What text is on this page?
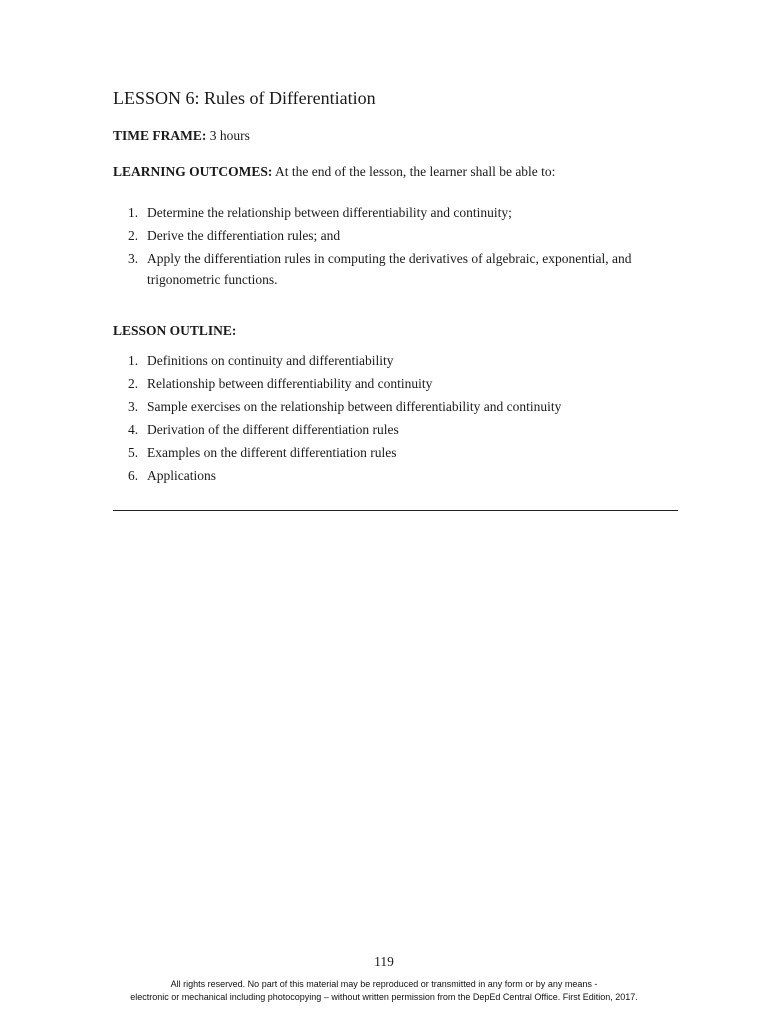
LESSON 6: Rules of Differentiation
TIME FRAME: 3 hours
LEARNING OUTCOMES: At the end of the lesson, the learner shall be able to:
1. Determine the relationship between differentiability and continuity;
2. Derive the differentiation rules; and
3. Apply the differentiation rules in computing the derivatives of algebraic, exponential, and trigonometric functions.
LESSON OUTLINE:
1. Definitions on continuity and differentiability
2. Relationship between differentiability and continuity
3. Sample exercises on the relationship between differentiability and continuity
4. Derivation of the different differentiation rules
5. Examples on the different differentiation rules
6. Applications
119
All rights reserved. No part of this material may be reproduced or transmitted in any form or by any means -
electronic or mechanical including photocopying – without written permission from the DepEd Central Office. First Edition, 2017.
